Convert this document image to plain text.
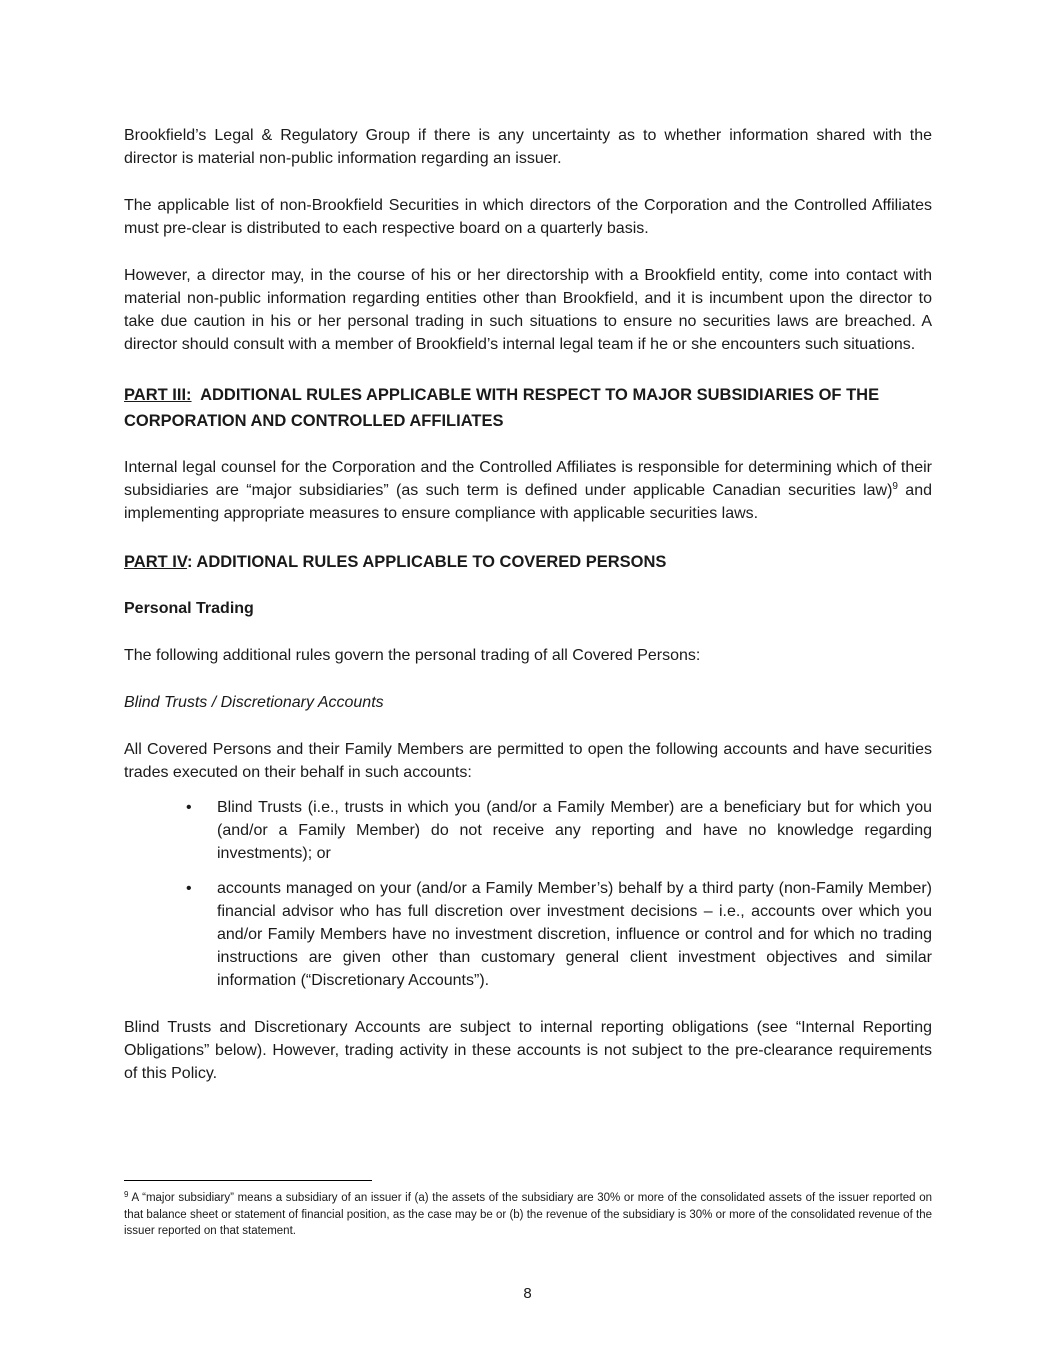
Brookfield’s Legal & Regulatory Group if there is any uncertainty as to whether information shared with the director is material non-public information regarding an issuer.

The applicable list of non-Brookfield Securities in which directors of the Corporation and the Controlled Affiliates must pre-clear is distributed to each respective board on a quarterly basis.

However, a director may, in the course of his or her directorship with a Brookfield entity, come into contact with material non-public information regarding entities other than Brookfield, and it is incumbent upon the director to take due caution in his or her personal trading in such situations to ensure no securities laws are breached. A director should consult with a member of Brookfield’s internal legal team if he or she encounters such situations.

PART III: ADDITIONAL RULES APPLICABLE WITH RESPECT TO MAJOR SUBSIDIARIES OF THE CORPORATION AND CONTROLLED AFFILIATES

Internal legal counsel for the Corporation and the Controlled Affiliates is responsible for determining which of their subsidiaries are “major subsidiaries” (as such term is defined under applicable Canadian securities law)$^9$ and implementing appropriate measures to ensure compliance with applicable securities laws.

PART IV: ADDITIONAL RULES APPLICABLE TO COVERED PERSONS

Personal Trading

The following additional rules govern the personal trading of all Covered Persons:

Blind Trusts / Discretionary Accounts

All Covered Persons and their Family Members are permitted to open the following accounts and have securities trades executed on their behalf in such accounts:

• Blind Trusts (i.e., trusts in which you (and/or a Family Member) are a beneficiary but for which you (and/or a Family Member) do not receive any reporting and have no knowledge regarding investments); or
• accounts managed on your (and/or a Family Member’s) behalf by a third party (non-Family Member) financial advisor who has full discretion over investment decisions – i.e., accounts over which you and/or Family Members have no investment discretion, influence or control and for which no trading instructions are given other than customary general client investment objectives and similar information (“Discretionary Accounts”).

Blind Trusts and Discretionary Accounts are subject to internal reporting obligations (see “Internal Reporting Obligations” below). However, trading activity in these accounts is not subject to the pre-clearance requirements of this Policy.

$^9$ A “major subsidiary” means a subsidiary of an issuer if (a) the assets of the subsidiary are 30% or more of the consolidated assets of the issuer reported on that balance sheet or statement of financial position, as the case may be or (b) the revenue of the subsidiary is 30% or more of the consolidated revenue of the issuer reported on that statement.

8
